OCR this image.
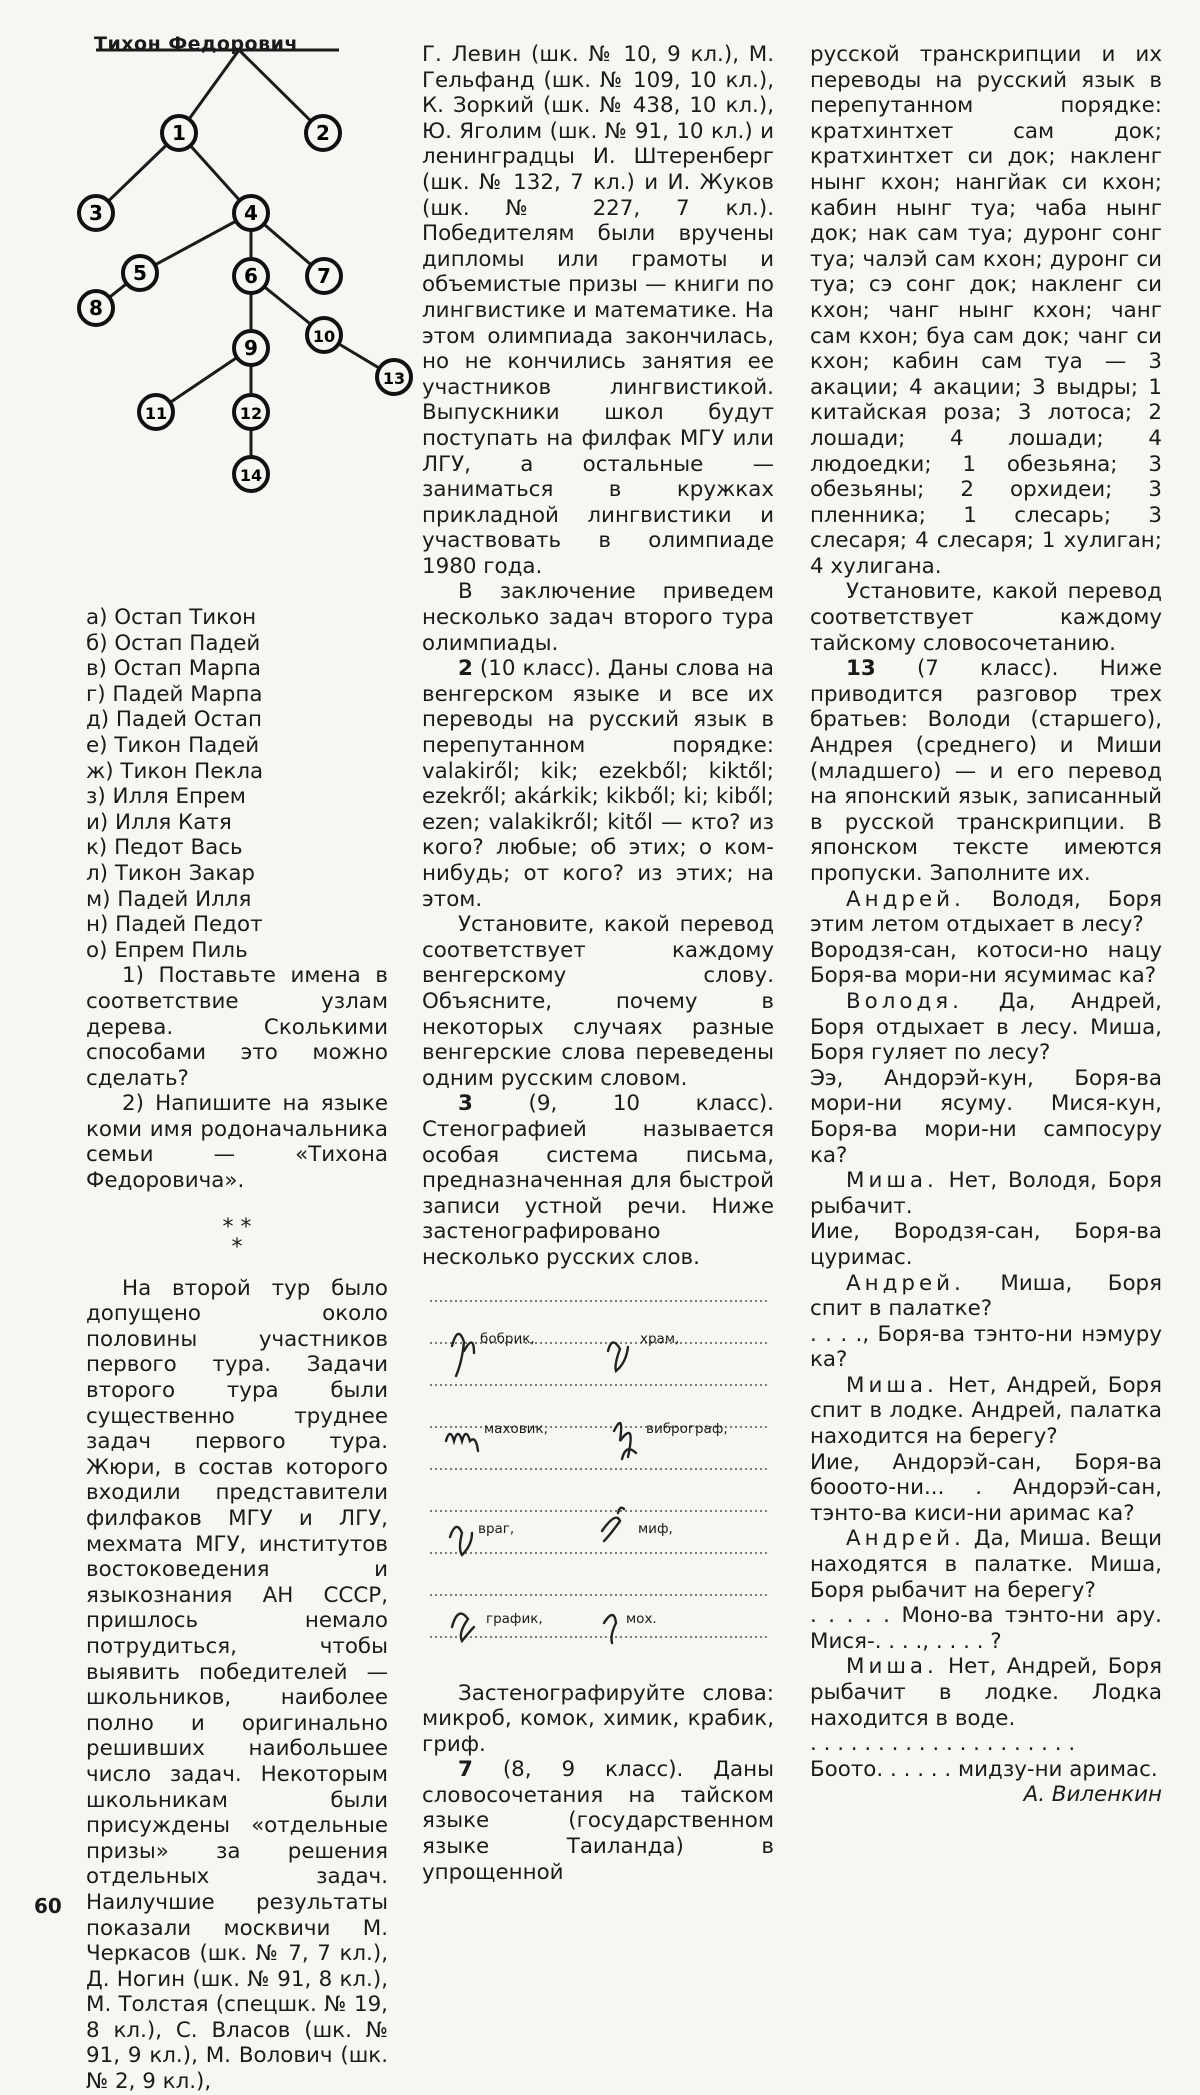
1	2
3	4
5	6	7
8
9	10
11	12
13
14
Тихон Федорович

а) Остап Тикон

б) Остап Падей

в) Остап Марпа

г) Падей Марпа

д) Падей Остап

е) Тикон Падей

ж) Тикон Пекла

з) Илля Епрем

и) Илля Катя

к) Педот Вась

л) Тикон Закар

м) Падей Илля

н) Падей Педот

о) Епрем Пиль

1) Поставьте имена в соответствие узлам дерева. Сколькими способами это можно сделать?

2) Напишите на языке коми имя родоначальника семьи — «Тихона Федоровича».

* *
*

На второй тур было допущено около половины участников первого тура. Задачи второго тура были существенно труднее задач первого тура. Жюри, в состав которого входили представители филфаков МГУ и ЛГУ, мехмата МГУ, институтов востоковедения и языкознания АН СССР, пришлось немало потрудиться, чтобы выявить победителей — школьников, наиболее полно и оригинально решивших наибольшее число задач. Некоторым школьникам были присуждены «отдельные призы» за решения отдельных задач. Наилучшие результаты показали москвичи М. Черкасов (шк. № 7, 7 кл.), Д. Ногин (шк. № 91, 8 кл.), М. Толстая (спецшк. № 19, 8 кл.), С. Власов (шк. № 91, 9 кл.), М. Волович (шк. № 2, 9 кл.),

Г. Левин (шк. № 10, 9 кл.), М. Гельфанд (шк. № 109, 10 кл.), К. Зоркий (шк. № 438, 10 кл.), Ю. Яголим (шк. № 91, 10 кл.) и ленинградцы И. Штеренберг (шк. № 132, 7 кл.) и И. Жуков (шк. № 227, 7 кл.). Победителям были вручены дипломы или грамоты и объемистые призы — книги по лингвистике и математике. На этом олимпиада закончилась, но не кончились занятия ее участников лингвистикой. Выпускники школ будут поступать на филфак МГУ или ЛГУ, а остальные — заниматься в кружках прикладной лингвистики и участвовать в олимпиаде 1980 года.

В заключение приведем несколько задач второго тура олимпиады.

2 (10 класс). Даны слова на венгерском языке и все их переводы на русский язык в перепутанном порядке: valakiről; kik; ezekből; kiktől; ezekről; akárkik; kikből; ki; kiből; ezen; valakikről; kitől — кто? из кого? любые; об этих; о ком-нибудь; от кого? из этих; на этом.

Установите, какой перевод соответствует каждому венгерскому слову. Объясните, почему в некоторых случаях разные венгерские слова переведены одним русским словом.

3	(9, 10 класс). Стенографией называется особая система письма, предназначенная для быстрой записи устной речи. Ниже застенографировано несколько русских слов.

бобрик,	храм,
маховик,	виброграф,
враг,	миф,
график,	мох.

Застенографируйте слова: микроб, комок, химик, крабик, гриф.

7 (8, 9 класс). Даны словосочетания на тайском языке (государственном языке Таиланда) в упрощенной

русской транскрипции и их переводы на русский язык в перепутанном порядке: кратхинтхет сам док; кратхинтхет си док; накленг нынг кхон; нангйак си кхон; кабин нынг туа; чаба нынг док; нак сам туа; дуронг сонг туа; чалэй сам кхон; дуронг си туа; сэ сонг док; накленг си кхон; чанг нынг кхон; чанг сам кхон; буа сам док; чанг си кхон; кабин сам туа — 3 акации; 4 акации; 3 выдры; 1 китайская роза; 3 лотоса; 2 лошади; 4 лошади; 4 людоедки; 1 обезьяна; 3 обезьяны; 2 орхидеи; 3 пленника; 1 слесарь; 3 слесаря; 4 слесаря; 1 хулиган; 4 хулигана.

Установите, какой перевод соответствует каждому тайскому словосочетанию.

13 (7 класс). Ниже приводится разговор трех братьев: Володи (старшего), Андрея (среднего) и Миши (младшего) — и его перевод на японский язык, записанный в русской транскрипции. В японском тексте имеются пропуски. Заполните их.

Андрей. Володя, Боря этим летом отдыхает в лесу?

Вородзя-сан, котоси-но нацу Боря-ва мори-ни ясумимас ка?

Володя. Да, Андрей, Боря отдыхает в лесу. Миша, Боря гуляет по лесу?

Ээ, Андорэй-кун, Боря-ва мори-ни ясуму. Мися-кун, Боря-ва мори-ни сампосуру ка?

Миша. Нет, Володя, Боря рыбачит.

Иие, Вородзя-сан, Боря-ва цуримас.

Андрей. Миша, Боря спит в палатке?

. . . ., Боря-ва тэнто-ни нэмуру ка?

Миша. Нет, Андрей, Боря спит в лодке. Андрей, палатка находится на берегу?

Иие, Андорэй-сан, Боря-ва бооотo-ни... . Андорэй-сан, тэнто-ва киси-ни аримас ка?

Андрей. Да, Миша. Вещи находятся в палатке. Миша, Боря рыбачит на берегу?

. . . . . Моно-ва тэнто-ни ару. Мися-. . . ., . . . . ?

Миша. Нет, Андрей, Боря рыбачит в лодке. Лодка находится в воде.

. . . . . . . . . . . . . . . . . . . .

Боото. . . . . . мидзу-ни аримас.

А. Виленкин

60
